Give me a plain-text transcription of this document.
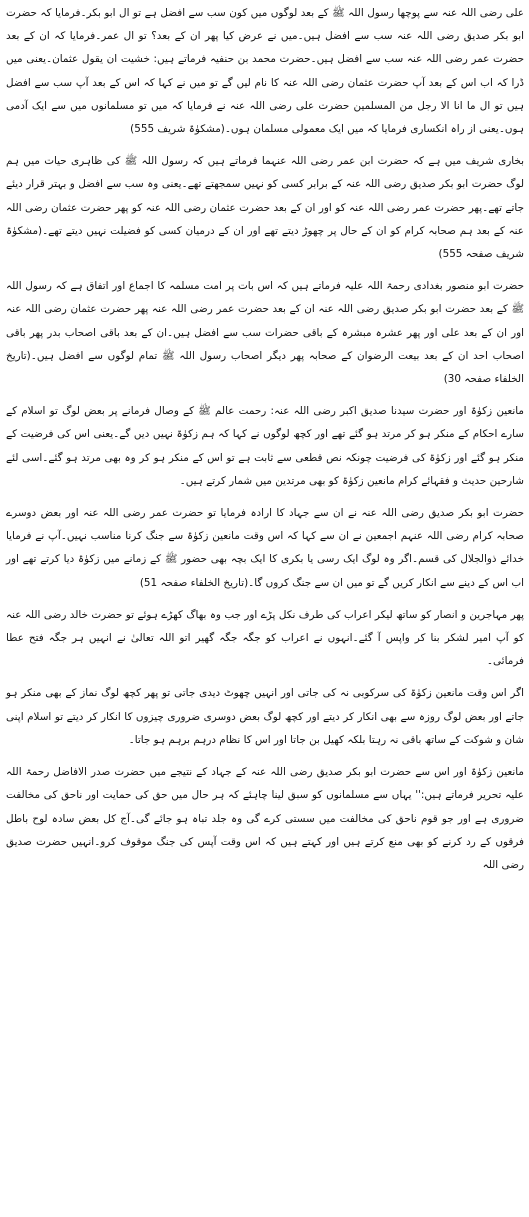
علی رضی اللہ عنہ سے پوچھا رسول اللہ ﷺ کے بعد لوگوں میں کون سب سے افضل ہے تو ال ابو بکر۔فرمایا کہ حضرت ابو بکر صدیق رضی اللہ عنہ سب سے افضل ہیں۔میں نے عرض کیا پھر ان کے بعد؟ تو ال عمر۔فرمایا کہ ان کے بعد حضرت عمر رضی اللہ عنہ سب سے افضل ہیں۔حضرت محمد بن حنفیہ فرماتے ہیں: خشیت ان یقول عثمان۔یعنی میں ڈرا کہ اب اس کے بعد آپ حضرت عثمان رضی اللہ عنہ کا نام لیں گے تو میں نے کہا کہ اس کے بعد آپ سب سے افضل ہیں تو ال ما انا الا رجل من المسلمین حضرت علی رضی اللہ عنہ نے فرمایا کہ میں تو مسلمانوں میں سے ایک آدمی ہوں۔یعنی از راہ انکساری فرمایا کہ میں ایک معمولی مسلمان ہوں۔(مشکوٰۃ شریف 555)

بخاری شریف میں ہے کہ حضرت ابن عمر رضی اللہ عنہما فرماتے ہیں کہ رسول اللہ ﷺ کی ظاہری حیات میں ہم لوگ حضرت ابو بکر صدیق رضی اللہ عنہ کے برابر کسی کو نہیں سمجھتے تھے۔یعنی وہ سب سے افضل و بہتر قرار دیئے جاتے تھے۔پھر حضرت عمر رضی اللہ عنہ کو اور ان کے بعد حضرت عثمان رضی اللہ عنہ کو پھر حضرت عثمان رضی اللہ عنہ کے بعد ہم صحابہ کرام کو ان کے حال پر چھوڑ دیتے تھے اور ان کے درمیان کسی کو فضیلت نہیں دیتے تھے۔(مشکوٰۃ شریف صفحہ 555)

حضرت ابو منصور بغدادی رحمۃ اللہ علیہ فرماتے ہیں کہ اس بات پر امت مسلمہ کا اجماع اور اتفاق ہے کہ رسول اللہ ﷺ کے بعد حضرت ابو بکر صدیق رضی اللہ عنہ ان کے بعد حضرت عمر رضی اللہ عنہ پھر حضرت عثمان رضی اللہ عنہ اور ان کے بعد علی اور پھر عشرہ مبشرہ کے باقی حضرات سب سے افضل ہیں۔ان کے بعد باقی اصحاب بدر پھر باقی اصحاب احد ان کے بعد بیعت الرضوان کے صحابہ پھر دیگر اصحاب رسول اللہ ﷺ تمام لوگوں سے افضل ہیں۔(تاریخ الخلفاء صفحہ 30)

مانعین زکوٰۃ اور حضرت سیدنا صدیق اکبر رضی اللہ عنہ: رحمت عالم ﷺ کے وصال فرمانے پر بعض لوگ تو اسلام کے سارے احکام کے منکر ہو کر مرتد ہو گئے تھے اور کچھ لوگوں نے کہا کہ ہم زکوٰۃ نہیں دیں گے۔یعنی اس کی فرضیت کے منکر ہو گئے اور زکوٰۃ کی فرضیت چونکہ نص قطعی سے ثابت ہے تو اس کے منکر ہو کر وہ بھی مرتد ہو گئے۔اسی لئے شارحین حدیث و فقہائے کرام مانعین زکوٰۃ کو بھی مرتدین میں شمار کرتے ہیں۔

حضرت ابو بکر صدیق رضی اللہ عنہ نے ان سے جہاد کا ارادہ فرمایا تو حضرت عمر رضی اللہ عنہ اور بعض دوسرے صحابہ کرام رضی اللہ عنہم اجمعین نے ان سے کہا کہ اس وقت مانعین زکوٰۃ سے جنگ کرنا مناسب نہیں۔آپ نے فرمایا خدائے ذوالجلال کی قسم۔اگر وہ لوگ ایک رسی یا بکری کا ایک بچہ بھی حضور ﷺ کے زمانے میں زکوٰۃ دیا کرتے تھے اور اب اس کے دینے سے انکار کریں گے تو میں ان سے جنگ کروں گا۔(تاریخ الخلفاء صفحہ 51)

پھر مہاجرین و انصار کو ساتھ لیکر اعراب کی طرف نکل پڑے اور جب وہ بھاگ کھڑے ہوئے تو حضرت خالد رضی اللہ عنہ کو آپ امیر لشکر بنا کر واپس آ گئے۔انہوں نے اعراب کو جگہ جگہ گھیر اتو اللہ تعالیٰ نے انہیں ہر جگہ فتح عطا فرمائی۔

اگر اس وقت مانعین زکوٰۃ کی سرکوبی نہ کی جاتی اور انہیں چھوٹ دیدی جاتی تو پھر کچھ لوگ نماز کے بھی منکر ہو جاتے اور بعض لوگ روزہ سے بھی انکار کر دیتے اور کچھ لوگ بعض دوسری ضروری چیزوں کا انکار کر دیتے تو اسلام اپنی شان و شوکت کے ساتھ باقی نہ رہتا بلکہ کھیل بن جاتا اور اس کا نظام درہم برہم ہو جاتا۔

مانعین زکوٰۃ اور اس سے حضرت ابو بکر صدیق رضی اللہ عنہ کے جہاد کے نتیجے میں حضرت صدر الافاضل رحمۃ اللہ علیہ تحریر فرماتے ہیں:'' یہاں سے مسلمانوں کو سبق لینا چاہئے کہ ہر حال میں حق کی حمایت اور ناحق کی مخالفت ضروری ہے اور جو قوم ناحق کی مخالفت میں سستی کرے گی وہ جلد تباہ ہو جائے گی۔آج کل بعض سادہ لوح باطل فرقوں کے رد کرنے کو بھی منع کرتے ہیں اور کہتے ہیں کہ اس وقت آپس کی جنگ موقوف کرو۔انہیں حضرت صدیق رضی اللہ
